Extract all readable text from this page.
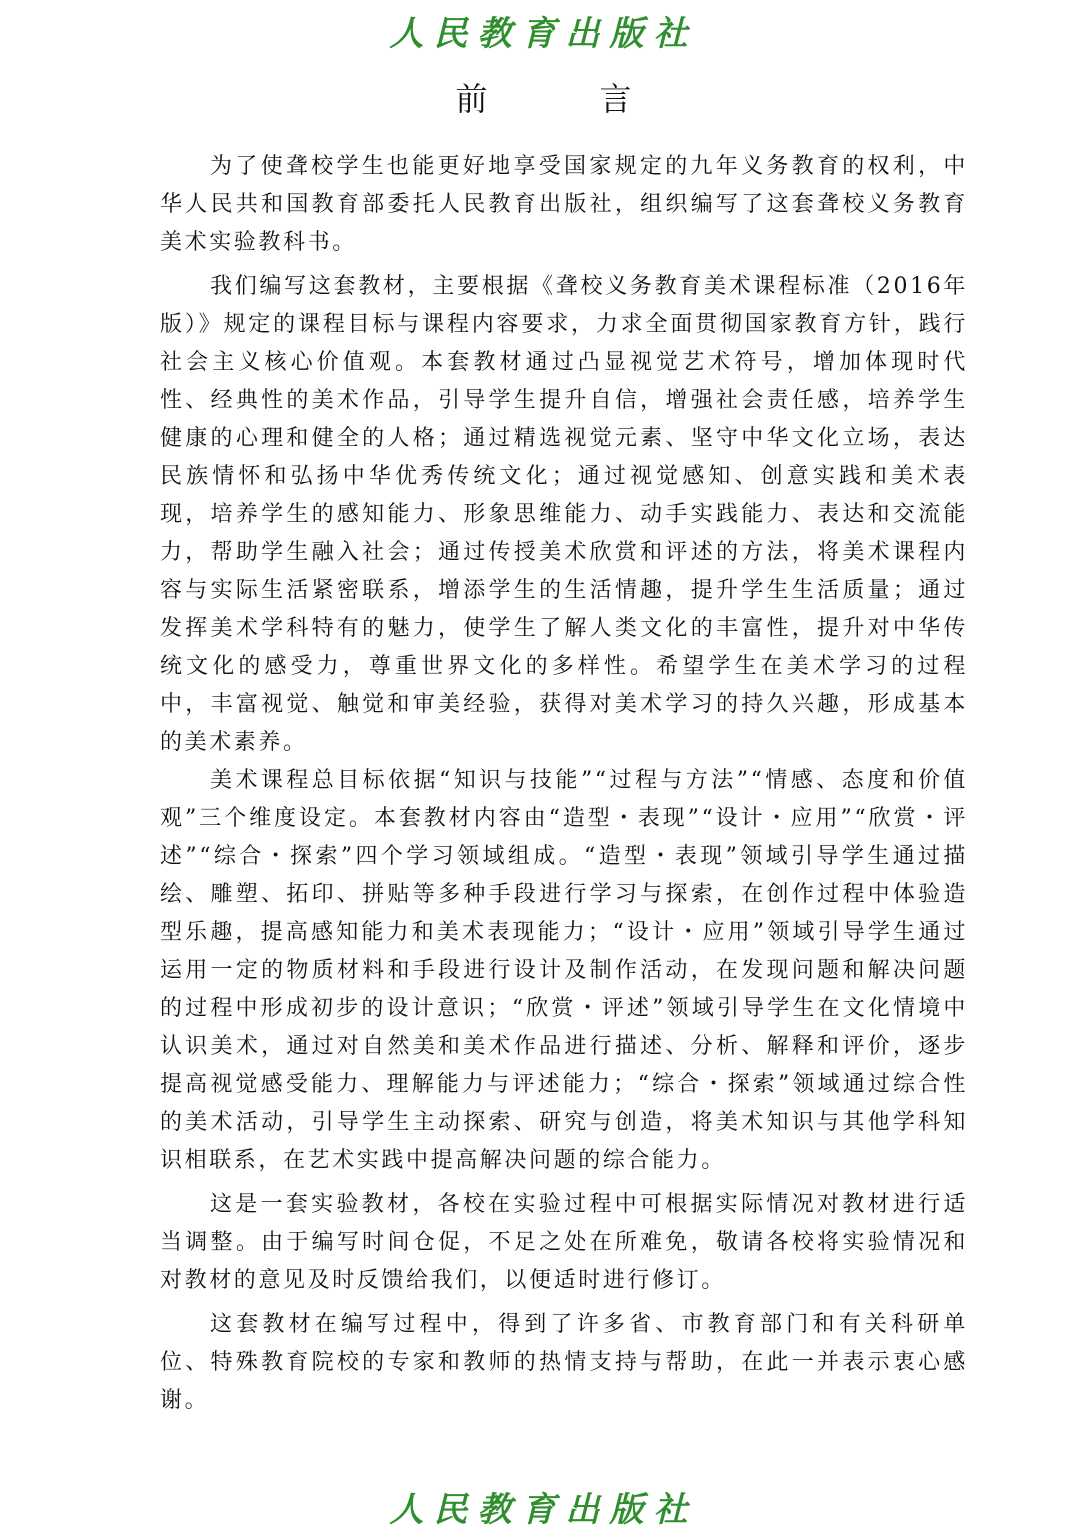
人民教育出版社
前　言

为了使聋校学生也能更好地享受国家规定的九年义务教育的权利，中华人民共和国教育部委托人民教育出版社，组织编写了这套聋校义务教育美术实验教科书。

我们编写这套教材，主要根据《聋校义务教育美术课程标准（2016年版）》规定的课程目标与课程内容要求，力求全面贯彻国家教育方针，践行社会主义核心价值观。本套教材通过凸显视觉艺术符号，增加体现时代性、经典性的美术作品，引导学生提升自信，增强社会责任感，培养学生健康的心理和健全的人格；通过精选视觉元素、坚守中华文化立场，表达民族情怀和弘扬中华优秀传统文化；通过视觉感知、创意实践和美术表现，培养学生的感知能力、形象思维能力、动手实践能力、表达和交流能力，帮助学生融入社会；通过传授美术欣赏和评述的方法，将美术课程内容与实际生活紧密联系，增添学生的生活情趣，提升学生生活质量；通过发挥美术学科特有的魅力，使学生了解人类文化的丰富性，提升对中华传统文化的感受力，尊重世界文化的多样性。希望学生在美术学习的过程中，丰富视觉、触觉和审美经验，获得对美术学习的持久兴趣，形成基本的美术素养。

美术课程总目标依据“知识与技能”“过程与方法”“情感、态度和价值观”三个维度设定。本套教材内容由“造型・表现”“设计・应用”“欣赏・评述”“综合・探索”四个学习领域组成。“造型・表现”领域引导学生通过描绘、雕塑、拓印、拼贴等多种手段进行学习与探索，在创作过程中体验造型乐趣，提高感知能力和美术表现能力；“设计・应用”领域引导学生通过运用一定的物质材料和手段进行设计及制作活动，在发现问题和解决问题的过程中形成初步的设计意识；“欣赏・评述”领域引导学生在文化情境中认识美术，通过对自然美和美术作品进行描述、分析、解释和评价，逐步提高视觉感受能力、理解能力与评述能力；“综合・探索”领域通过综合性的美术活动，引导学生主动探索、研究与创造，将美术知识与其他学科知识相联系，在艺术实践中提高解决问题的综合能力。

这是一套实验教材，各校在实验过程中可根据实际情况对教材进行适当调整。由于编写时间仓促，不足之处在所难免，敬请各校将实验情况和对教材的意见及时反馈给我们，以便适时进行修订。

这套教材在编写过程中，得到了许多省、市教育部门和有关科研单位、特殊教育院校的专家和教师的热情支持与帮助，在此一并表示衷心感谢。

人民教育出版社
